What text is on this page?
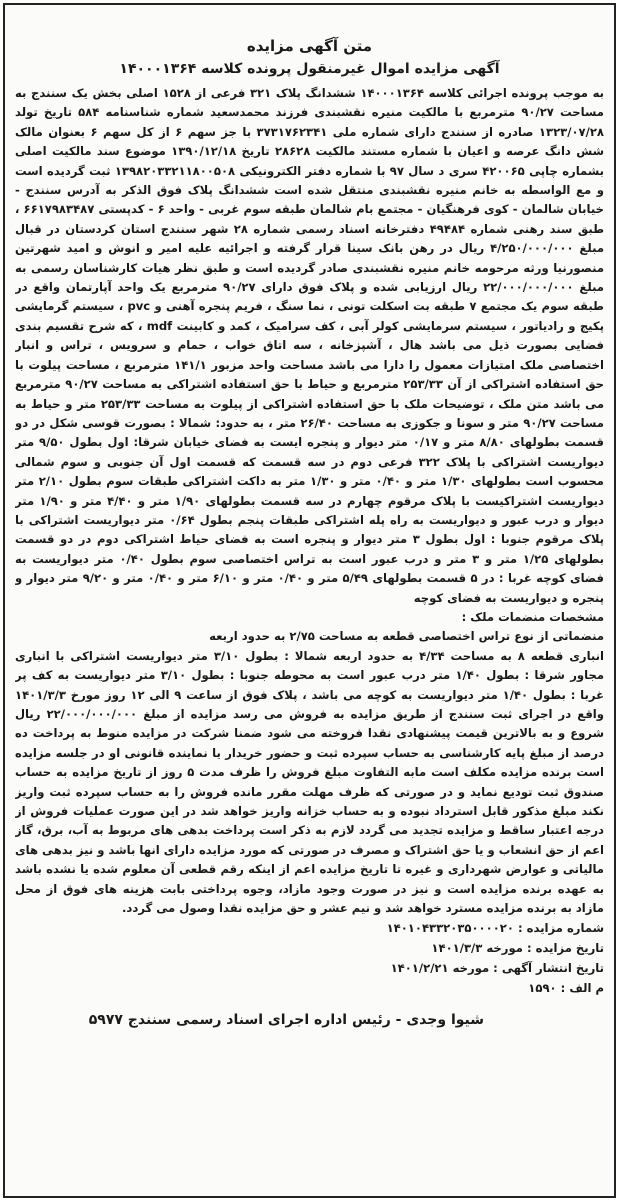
متن آگهی مزایده
آگهی مزایده اموال غیرمنقول پرونده کلاسه ۱۴۰۰۰۱۳۶۴

به موجب پرونده اجرائی کلاسه ۱۴۰۰۰۱۳۶۴ ششدانگ پلاک ۳۲۱ فرعی از ۱۵۲۸ اصلی بخش یک سنندج به مساحت ۹۰/۲۷ مترمربع با مالکیت منیره نقشبندی فرزند محمدسعید شماره شناسنامه ۵۸۴ تاریخ تولد ۱۳۲۳/۰۷/۲۸ صادره از سنندج دارای شماره ملی ۳۷۳۱۷۶۲۳۴۱ با جز سهم ۶ از کل سهم ۶ بعنوان مالک شش دانگ عرصه و اعیان با شماره مستند مالکیت ۲۸۶۲۸ تاریخ ۱۳۹۰/۱۲/۱۸ موضوع سند مالکیت اصلی بشماره چاپی ۴۲۰۰۶۵ سری د سال ۹۷ با شماره دفتر الکترونیکی ۱۳۹۸۲۰۳۳۲۱۱۸۰۰۵۰۸ ثبت گردیده است و مع الواسطه به خانم منیره نقشبندی منتقل شده است ششدانگ پلاک فوق الذکر به آدرس سنندج - خیابان شالمان - کوی فرهنگیان - مجتمع بام شالمان طبقه سوم غربی - واحد ۶ - کدپستی ۶۶۱۷۹۸۳۴۸۷ ، طبق سند رهنی شماره ۴۹۴۸۴ دفترخانه اسناد رسمی شماره ۲۸ شهر سنندج استان کردستان در قبال مبلغ ۴/۲۵۰/۰۰۰/۰۰۰ ریال در رهن بانک سینا قرار گرفته و اجرائیه علیه امیر و انوش و امید شهرتین منصورنیا ورثه مرحومه خانم منیره نقشبندی صادر گردیده است و طبق نظر هیات کارشناسان رسمی به مبلغ ۲۲/۰۰۰/۰۰۰/۰۰۰ ریال ارزیابی شده و پلاک فوق دارای ۹۰/۲۷ مترمربع یک واحد آپارتمان واقع در طبقه سوم یک مجتمع ۷ طبقه بت اسکلت تونی ، نما سنگ ، فریم پنجره آهنی و pvc ، سیستم گرمایشی پکیج و رادیاتور ، سیستم سرمایشی کولر آبی ، کف سرامیک ، کمد و کابینت mdf ، که شرح تقسیم بندی فضایی بصورت ذیل می باشد هال ، آشپزخانه ، سه اتاق خواب ، حمام و سرویس ، تراس و انبار اختصاصی ملک امتیازات معمول را دارا می باشد مساحت واحد مزبور ۱۴۱/۱ مترمربع ، مساحت پیلوت با حق استفاده اشتراکی از آن ۲۵۳/۳۳ مترمربع و حیاط با حق استفاده اشتراکی به مساحت ۹۰/۲۷ مترمربع می باشد متن ملک ، توضیحات ملک با حق استفاده اشتراکی از پیلوت به مساحت ۲۵۳/۳۳ متر و حیاط به مساحت ۹۰/۲۷ متر و سونا و جکوزی به مساحت ۲۶/۴۰ متر ، به حدود: شمالا : بصورت قوسی شکل در دو قسمت بطولهای ۸/۸۰ متر و ۰/۱۷ متر دیوار و پنجره ایست به فضای خیابان شرقا: اول بطول ۹/۵۰ متر دیواریست اشتراکی با پلاک ۳۲۲ فرعی دوم در سه قسمت که قسمت اول آن جنوبی و سوم شمالی محسوب است بطولهای ۱/۳۰ متر و ۰/۴۰ متر و ۱/۳۰ متر به داکت اشتراکی طبقات سوم بطول ۲/۱۰ متر دیواریست اشتراکیست با پلاک مرقوم چهارم در سه قسمت بطولهای ۱/۹۰ متر و ۴/۴۰ متر و ۱/۹۰ متر دیوار و درب عبور و دیواریست به راه پله اشتراکی طبقات پنجم بطول ۰/۶۴ متر دیواریست اشتراکی با پلاک مرقوم جنوبا : اول بطول ۳ متر دیوار و پنجره است به فضای حیاط اشتراکی دوم در دو قسمت بطولهای ۱/۲۵ متر و ۳ متر و درب عبور است به تراس اختصاصی سوم بطول ۰/۴۰ متر دیواریست به فضای کوچه غربا : در ۵ قسمت بطولهای ۵/۴۹ متر و ۰/۴۰ متر و ۶/۱۰ متر و ۰/۴۰ متر و ۹/۲۰ متر دیوار و پنجره و دیواریست به فضای کوچه

مشخصات منضمات ملک :

منضماتی از نوع تراس اختصاصی قطعه به مساحت ۲/۷۵ به حدود اربعه

انباری قطعه ۸ به مساحت ۴/۳۴ به حدود اربعه شمالا : بطول ۳/۱۰ متر دیواریست اشتراکی با انباری مجاور شرقا : بطول ۱/۴۰ متر درب عبور است به محوطه جنوبا : بطول ۳/۱۰ متر دیواریست به کف پر غربا : بطول ۱/۴۰ متر دیواریست به کوچه می باشد ، پلاک فوق از ساعت ۹ الی ۱۲ روز مورخ ۱۴۰۱/۳/۳ واقع در اجرای ثبت سنندج از طریق مزایده به فروش می رسد مزایده از مبلغ ۲۲/۰۰۰/۰۰۰/۰۰۰ ریال شروع و به بالاترین قیمت پیشنهادی نقدا فروخته می شود ضمنا شرکت در مزایده منوط به پرداخت ده درصد از مبلغ پایه کارشناسی به حساب سپرده ثبت و حضور خریدار یا نماینده قانونی او در جلسه مزایده است برنده مزایده مکلف است مابه التفاوت مبلغ فروش را ظرف مدت ۵ روز از تاریخ مزایده به حساب صندوق ثبت تودیع نماید و در صورتی که ظرف مهلت مقرر مانده فروش را به حساب سپرده ثبت واریز نکند مبلغ مذکور قابل استرداد نبوده و به حساب خزانه واریز خواهد شد در این صورت عملیات فروش از درجه اعتبار ساقط و مزایده تجدید می گردد لازم به ذکر است پرداخت بدهی های مربوط به آب، برق، گاز اعم از حق انشعاب و یا حق اشتراک و مصرف در صورتی که مورد مزایده دارای انها باشد و نیز بدهی های مالیاتی و عوارض شهرداری و غیره تا تاریخ مزایده اعم از اینکه رقم قطعی آن معلوم شده یا نشده باشد به عهده برنده مزایده است و نیز در صورت وجود مازاد، وجوه پرداختی بابت هزینه های فوق از محل مازاد به برنده مزایده مسترد خواهد شد و نیم عشر و حق مزایده نقدا وصول می گردد.

شماره مزایده : ۱۴۰۱۰۴۳۳۲۰۳۵۰۰۰۰۲۰
تاریخ مزایده : مورخه ۱۴۰۱/۳/۳
تاریخ انتشار آگهی : مورخه ۱۴۰۱/۲/۲۱
م الف : ۱۵۹۰
شیوا وجدی - رئیس اداره اجرای اسناد رسمی سنندج ۵۹۷۷
